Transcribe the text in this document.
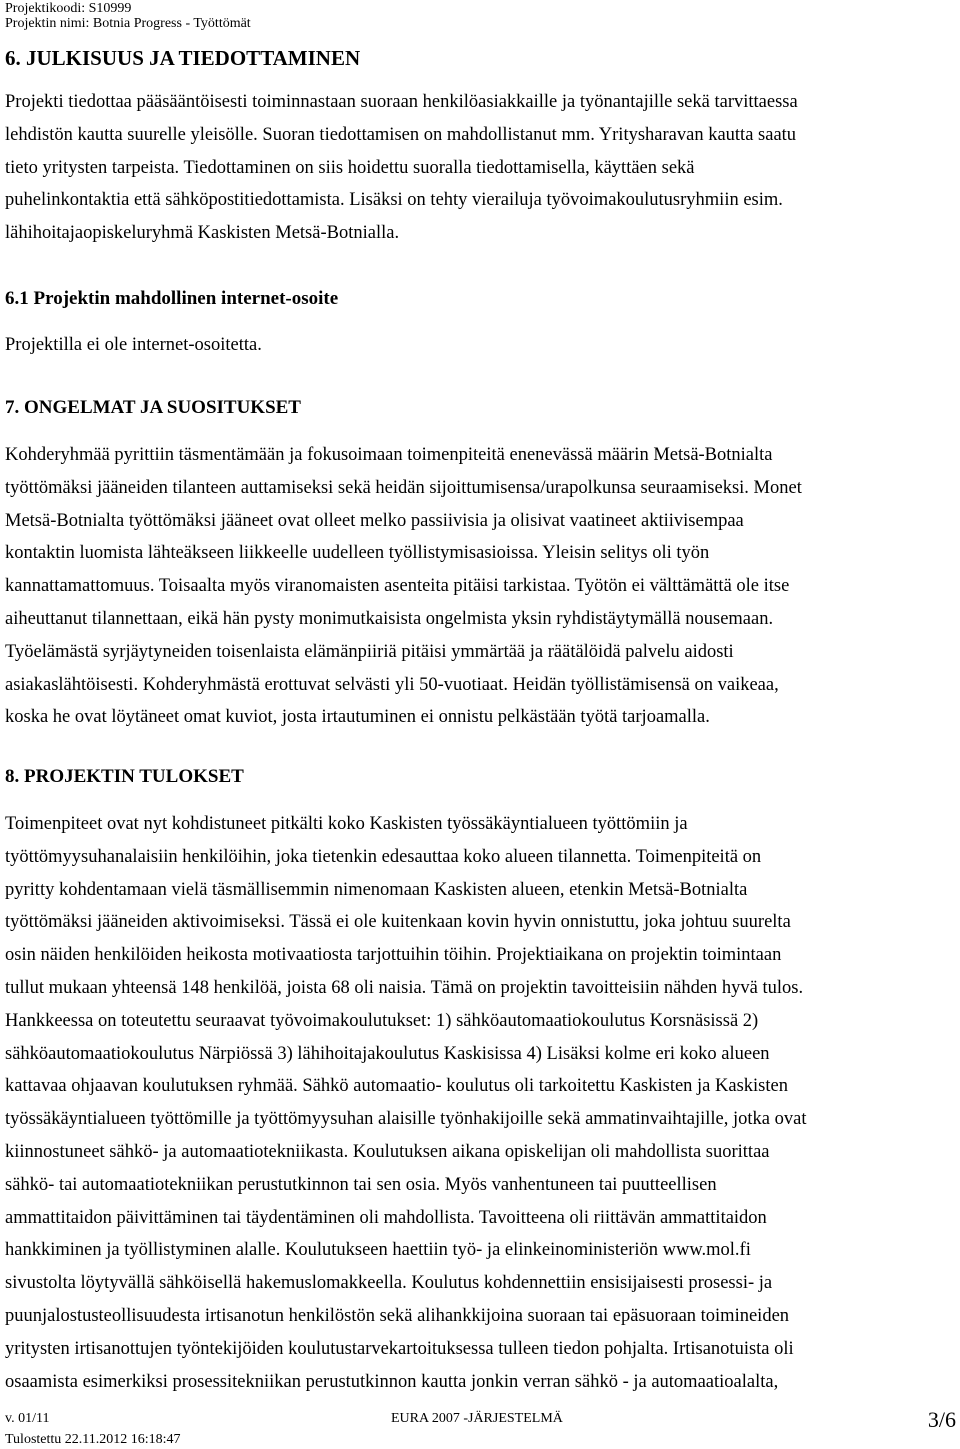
Projektikoodi: S10999
Projektin nimi: Botnia Progress - Työttömät
6. JULKISUUS JA TIEDOTTAMINEN
Projekti tiedottaa pääsääntöisesti toiminnastaan suoraan henkilöasiakkaille ja työnantajille sekä tarvittaessa
lehdistön kautta suurelle yleisölle. Suoran tiedottamisen on mahdollistanut mm. Yritysharavan kautta saatu
tieto yritysten tarpeista. Tiedottaminen on siis hoidettu suoralla tiedottamisella, käyttäen sekä
puhelinkontaktia että sähköpostitiedottamista. Lisäksi on tehty vierailuja työvoimakoulutusryhmiin esim.
lähihoitajaopiskeluryhmä Kaskisten Metsä-Botnialla.
6.1 Projektin mahdollinen internet-osoite
Projektilla ei ole internet-osoitetta.
7. ONGELMAT JA SUOSITUKSET
Kohderyhmää pyrittiin täsmentämään ja fokusoimaan toimenpiteitä enenevässä määrin Metsä-Botnialta
työttömäksi jääneiden tilanteen auttamiseksi sekä heidän sijoittumisensa/urapolkunsa seuraamiseksi. Monet
Metsä-Botnialta työttömäksi jääneet ovat olleet melko passiivisia ja olisivat vaatineet aktiivisempaa
kontaktin luomista lähteäkseen liikkeelle uudelleen työllistymisasioissa. Yleisin selitys oli työn
kannattamattomuus. Toisaalta myös viranomaisten asenteita pitäisi tarkistaa. Työtön ei välttämättä ole itse
aiheuttanut tilannettaan, eikä hän pysty monimutkaisista ongelmista yksin ryhdistäytymällä nousemaan.
Työelämästä syrjäytyneiden toisenlaista elämänpiiriä pitäisi ymmärtää ja räätälöidä palvelu aidosti
asiakaslähtöisesti. Kohderyhmästä erottuvat selvästi yli 50-vuotiaat. Heidän työllistämisensä on vaikeaa,
koska he ovat löytäneet omat kuviot, josta irtautuminen ei onnistu pelkästään työtä tarjoamalla.
8. PROJEKTIN TULOKSET
Toimenpiteet ovat nyt kohdistuneet pitkälti koko Kaskisten työssäkäyntialueen työttömiin ja
työttömyysuhanalaisiin henkilöihin, joka tietenkin edesauttaa koko alueen tilannetta. Toimenpiteitä on
pyritty kohdentamaan vielä täsmällisemmin nimenomaan Kaskisten alueen, etenkin Metsä-Botnialta
työttömäksi jääneiden aktivoimiseksi. Tässä ei ole kuitenkaan kovin hyvin onnistuttu, joka johtuu suurelta
osin näiden henkilöiden heikosta motivaatiosta tarjottuihin töihin. Projektiaikana on projektin toimintaan
tullut mukaan yhteensä 148 henkilöä, joista 68 oli naisia. Tämä on projektin tavoitteisiin nähden hyvä tulos.
Hankkeessa on toteutettu seuraavat työvoimakoulutukset: 1) sähköautomaatiokoulutus Korsnäsissä 2)
sähköautomaatiokoulutus Närpiössä 3) lähihoitajakoulutus Kaskisissa 4) Lisäksi kolme eri koko alueen
kattavaa ohjaavan koulutuksen ryhmää. Sähkö automaatio- koulutus oli tarkoitettu Kaskisten ja Kaskisten
työssäkäyntialueen työttömille ja työttömyysuhan alaisille työnhakijoille sekä ammatinvaihtajille, jotka ovat
kiinnostuneet sähkö- ja automaatiotekniikasta. Koulutuksen aikana opiskelijan oli mahdollista suorittaa
sähkö- tai automaatiotekniikan perustutkinnon tai sen osia. Myös vanhentuneen tai puutteellisen
ammattitaidon päivittäminen tai täydentäminen oli mahdollista. Tavoitteena oli riittävän ammattitaidon
hankkiminen ja työllistyminen alalle. Koulutukseen haettiin työ- ja elinkeinoministeriön www.mol.fi
sivustolta löytyvällä sähköisellä hakemuslomakkeella. Koulutus kohdennettiin ensisijaisesti prosessi- ja
puunjalostusteollisuudesta irtisanotun henkilöstön sekä alihankkijoina suoraan tai epäsuoraan toimineiden
yritysten irtisanottujen työntekijöiden koulutustarvekartoituksessa tulleen tiedon pohjalta. Irtisanotuista oli
osaamista esimerkiksi prosessitekniikan perustutkinnon kautta jonkin verran sähkö - ja automaatioalalta,
v. 01/11	EURA 2007 -JÄRJESTELMÄ
Tulostettu 22.11.2012 16:18:47
3/6
